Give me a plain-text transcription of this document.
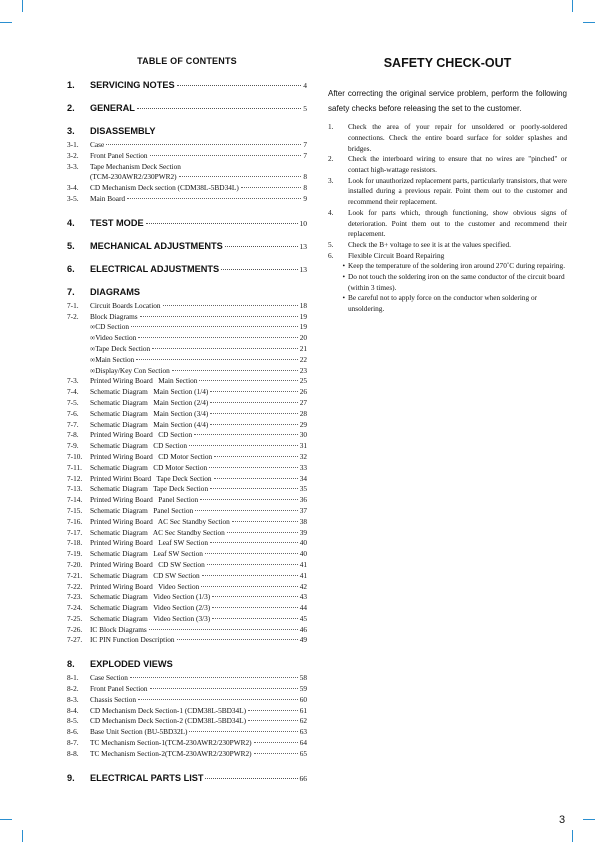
TABLE OF CONTENTS
1.	SERVICING NOTES	4
2.	GENERAL	5
3.	DISASSEMBLY
3-1.	Case	7
3-2.	Front Panel Section	7
3-3.	Tape Mechanism Deck Section
(TCM-230AWR2/230PWR2)	8
3-4.	CD Mechanism Deck section (CDM38L-5BD34L)	8
3-5.	Main Board	9
4.	TEST MODE	10
5.	MECHANICAL ADJUSTMENTS	13
6.	ELECTRICAL ADJUSTMENTS	13
7.	DIAGRAMS
7-1.	Circuit Boards Location	18
7-2.	Block Diagrams	19
∞CD Section	19
∞Video Section	20
∞Tape Deck Section	21
∞Main Section	22
∞Display/Key Con Section	23
7-3.	Printed Wiring Board   Main Section	25
7-4.	Schematic Diagram   Main Section (1/4)	26
7-5.	Schematic Diagram   Main Section (2/4)	27
7-6.	Schematic Diagram   Main Section (3/4)	28
7-7.	Schematic Diagram   Main Section (4/4)	29
7-8.	Printed Wiring Board   CD Section	30
7-9.	Schematic Diagram   CD Section	31
7-10.	Printed Wiring Board   CD Motor Section	32
7-11.	Schematic Diagram   CD Motor Section	33
7-12.	Printed Wirint Board   Tape Deck Section	34
7-13.	Schematic Diagram   Tape Deck Section	35
7-14.	Printed Wiring Board   Panel Section	36
7-15.	Schematic Diagram   Panel Section	37
7-16.	Printed Wiring Board   AC Sec Standby Section	38
7-17.	Schematic Diagram   AC Sec Standby Section	39
7-18.	Printed Wiring Board   Leaf SW Section	40
7-19.	Schematic Diagram   Leaf SW Section	40
7-20.	Printed Wiring Board   CD SW Section	41
7-21.	Schematic Diagram   CD SW Section	41
7-22.	Printed Wiring Board   Video Section	42
7-23.	Schematic Diagram   Video Section (1/3)	43
7-24.	Schematic Diagram   Video Section (2/3)	44
7-25.	Schematic Diagram   Video Section (3/3)	45
7-26.	IC Block Diagrams	46
7-27.	IC PIN Function Description	49
8.	EXPLODED VIEWS
8-1.	Case Section	58
8-2.	Front Panel Section	59
8-3.	Chassis Section	60
8-4.	CD Mechanism Deck Section-1 (CDM38L-5BD34L)	61
8-5.	CD Mechanism Deck Section-2 (CDM38L-5BD34L)	62
8-6.	Base Unit Section (BU-5BD32L)	63
8-7.	TC Mechanism Section-1(TCM-230AWR2/230PWR2)	64
8-8.	TC Mechanism Section-2(TCM-230AWR2/230PWR2)	65
9.	ELECTRICAL PARTS LIST	66
SAFETY CHECK-OUT

After correcting the original service problem, perform the following safety checks before releasing the set to the customer.

1.	Check the area of your repair for unsoldered or poorly-soldered connections. Check the entire board surface for solder splashes and bridges.
2.	Check the interboard wiring to ensure that no wires are "pinched" or contact high-wattage resistors.
3.	Look for unauthorized replacement parts, particularly transistors, that were installed during a previous repair. Point them out to the customer and recommend their replacement.
4.	Look for parts which, through functioning, show obvious signs of deterioration. Point them out to the customer and recommend their replacement.
5.	Check the B+ voltage to see it is at the values specified.
6.	Flexible Circuit Board Repairing
• Keep the temperature of the soldering iron around 270˚C during repairing.
• Do not touch the soldering iron on the same conductor of the circuit board (within 3 times).
• Be careful not to apply force on the conductor when soldering or unsoldering.
3
